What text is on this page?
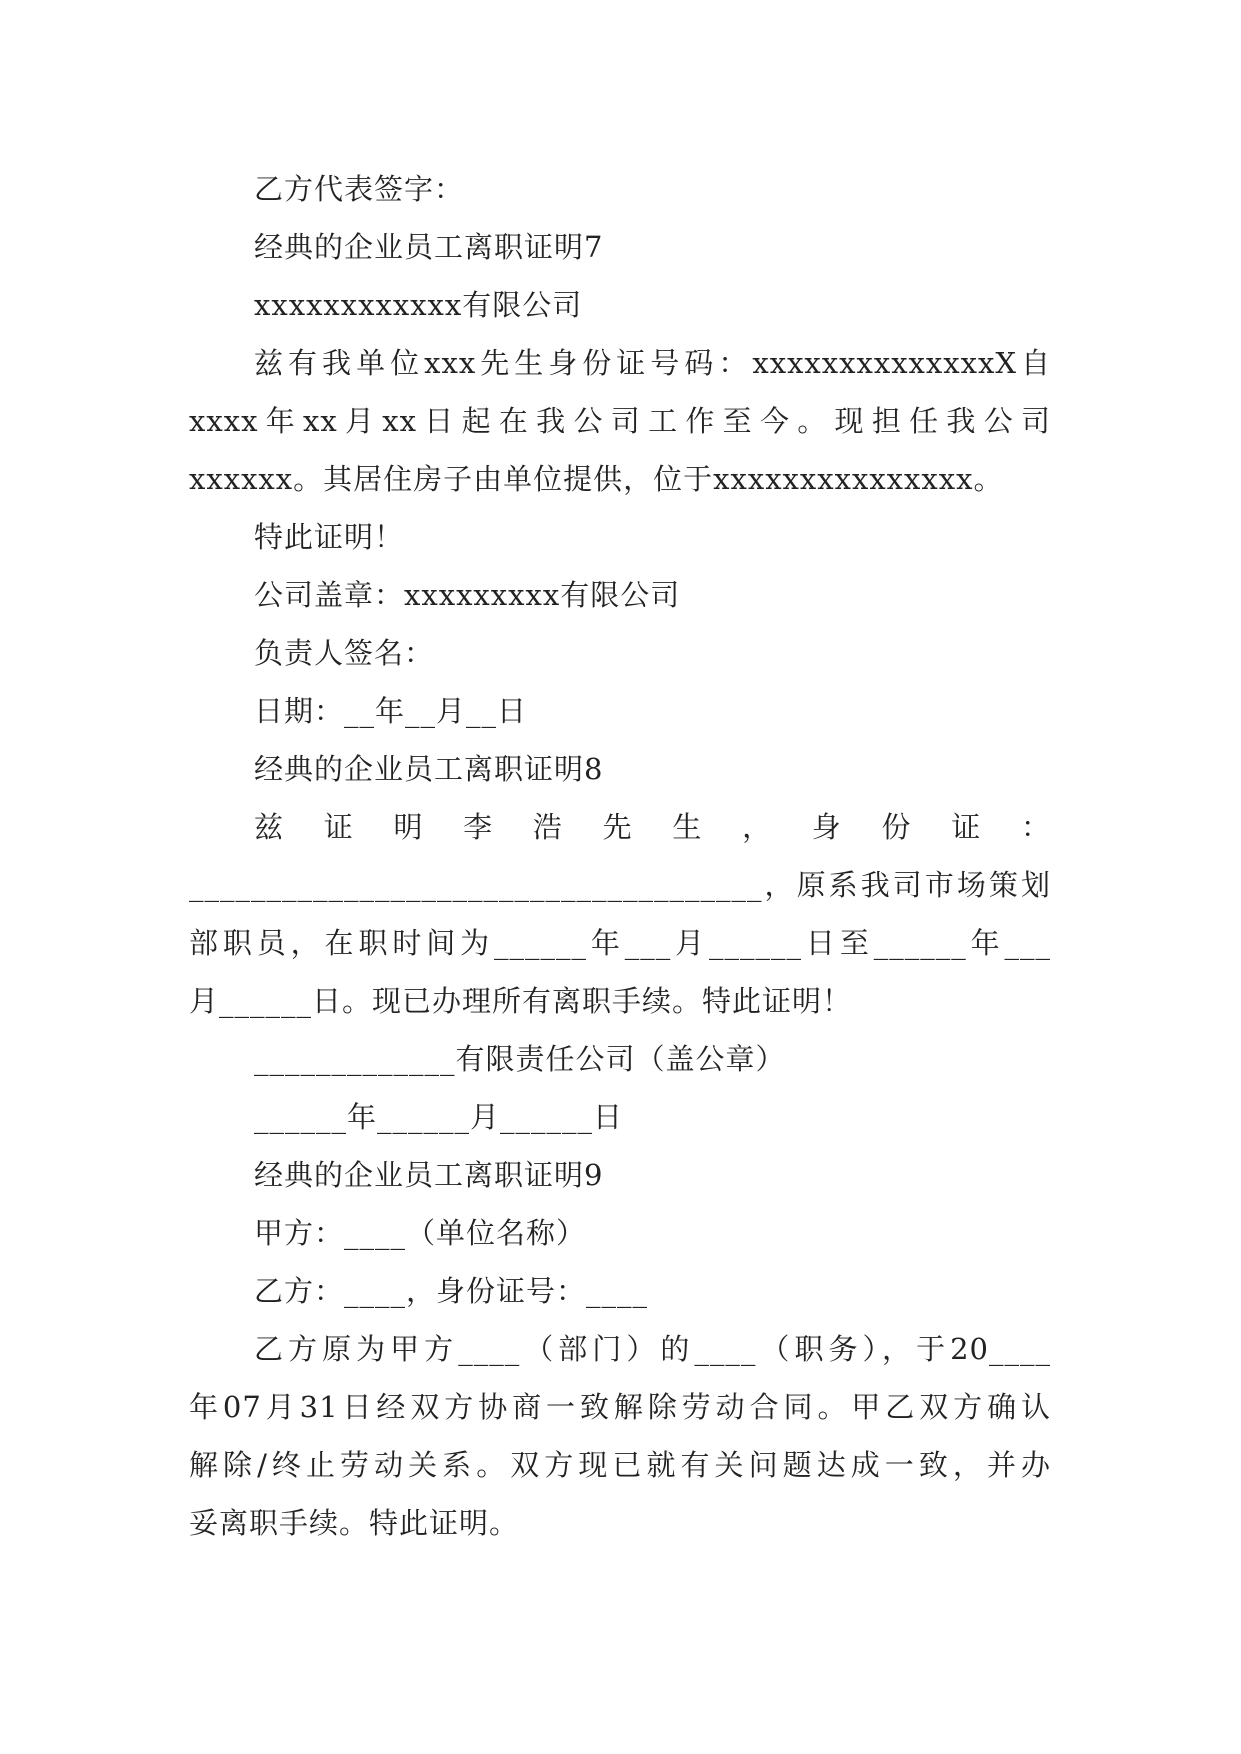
乙方代表签字：

经典的企业员工离职证明7

xxxxxxxxxxxx有限公司

兹有我单位xxx先生身份证号码：xxxxxxxxxxxxxxX自

xxxx年xx月xx日起在我公司工作至今。现担任我公司

xxxxxx。其居住房子由单位提供，位于xxxxxxxxxxxxxxx。

特此证明！

公司盖章：xxxxxxxxx有限公司

负责人签名：

日期：__年__月__日

经典的企业员工离职证明8

兹证明李浩先生，身份证：

_____________________________________，原系我司市场策划

部职员，在职时间为______年___月______日至______年___

月______日。现已办理所有离职手续。特此证明！

_____________有限责任公司（盖公章）

______年______月______日

经典的企业员工离职证明9

甲方：____（单位名称）

乙方：____，身份证号：____

乙方原为甲方____（部门）的____（职务），于20____

年07月31日经双方协商一致解除劳动合同。甲乙双方确认

解除/终止劳动关系。双方现已就有关问题达成一致，并办

妥离职手续。特此证明。
